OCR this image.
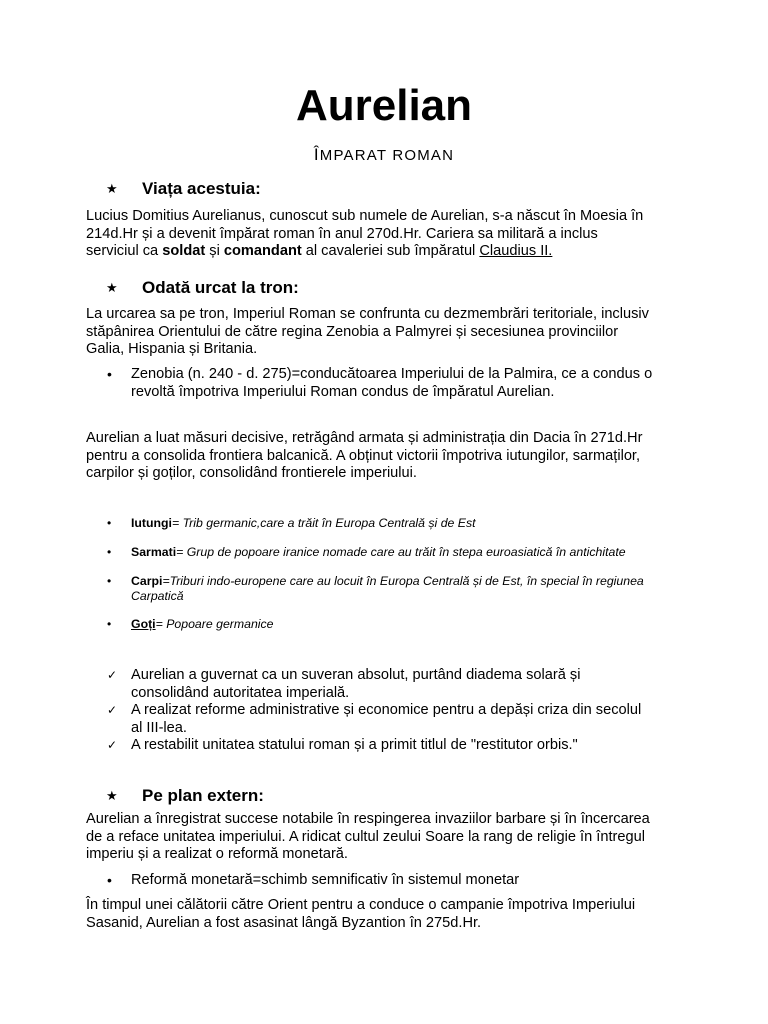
Aurelian

ÎMPARAT ROMAN

★ Viața acestuia:

Lucius Domitius Aurelianus, cunoscut sub numele de Aurelian, s-a născut în Moesia în
214d.Hr și a devenit împărat roman în anul 270d.Hr. Cariera sa militară a inclus
serviciul ca soldat și comandant al cavaleriei sub împăratul Claudius II.

★ Odată urcat la tron:

La urcarea sa pe tron, Imperiul Roman se confrunta cu dezmembrări teritoriale, inclusiv
stăpânirea Orientului de către regina Zenobia a Palmyrei și secesiunea provinciilor
Galia, Hispania și Britania.

• Zenobia (n. 240 - d. 275)=conducătoarea Imperiului de la Palmira, ce a condus o
revoltă împotriva Imperiului Roman condus de împăratul Aurelian.

Aurelian a luat măsuri decisive, retrăgând armata și administrația din Dacia în 271d.Hr
pentru a consolida frontiera balcanică. A obținut victorii împotriva iutungilor, sarmaților,
carpilor și goților, consolidând frontierele imperiului.

• Iutungi= Trib germanic,care a trăit în Europa Centrală și de Est
• Sarmati= Grup de popoare iranice nomade care au trăit în stepa euroasiatică în antichitate
• Carpi=Triburi indo-europene care au locuit în Europa Centrală și de Est, în special în regiunea
Carpatică
• Goți= Popoare germanice
✓ Aurelian a guvernat ca un suveran absolut, purtând diadema solară și
consolidând autoritatea imperială.
✓ A realizat reforme administrative și economice pentru a depăși criza din secolul
al III-lea.
✓ A restabilit unitatea statului roman și a primit titlul de "restitutor orbis."
★ Pe plan extern:

Aurelian a înregistrat succese notabile în respingerea invaziilor barbare și în încercarea
de a reface unitatea imperiului. A ridicat cultul zeului Soare la rang de religie în întregul
imperiu și a realizat o reformă monetară.

• Reformă monetară=schimb semnificativ în sistemul monetar

În timpul unei călătorii către Orient pentru a conduce o campanie împotriva Imperiului
Sasanid, Aurelian a fost asasinat lângă Byzantion în 275d.Hr.
